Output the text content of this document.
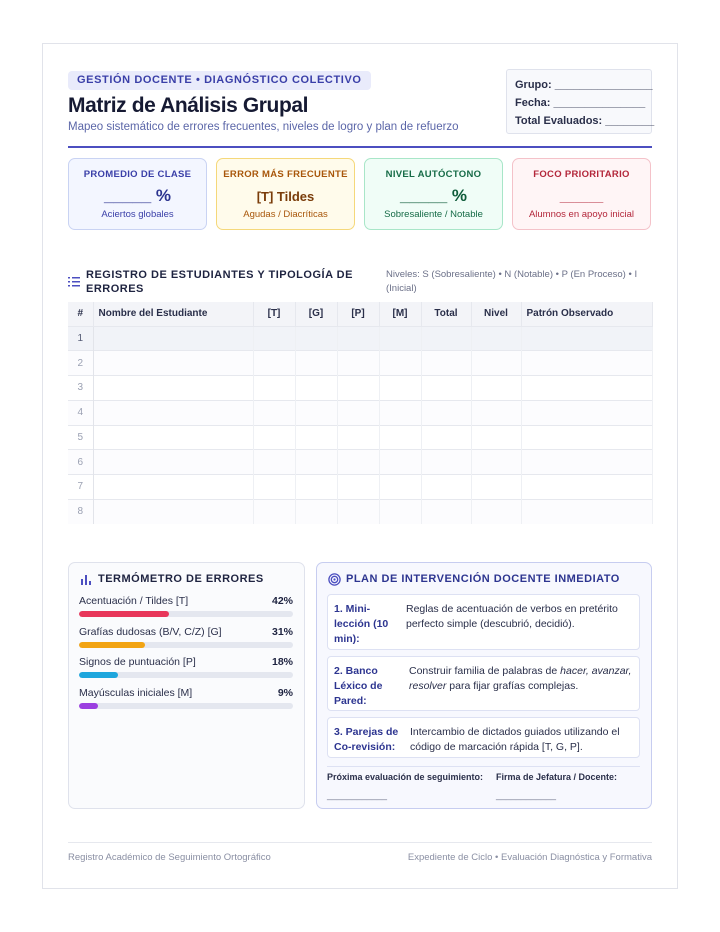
GESTIÓN DOCENTE • DIAGNÓSTICO COLECTIVO
Matriz de Análisis Grupal
Mapeo sistemático de errores frecuentes, niveles de logro y plan de refuerzo
Grupo: ________________
Fecha: _______________
Total Evaluados: ________
PROMEDIO DE CLASE
_____ %
Aciertos globales
ERROR MÁS FRECUENTE
[T] Tildes
Agudas / Diacríticas
NIVEL AUTÓCTONO
_____ %
Sobresaliente / Notable
FOCO PRIORITARIO
______
Alumnos en apoyo inicial
REGISTRO DE ESTUDIANTES Y TIPOLOGÍA DE ERRORES
Niveles: S (Sobresaliente) • N (Notable) • P (En Proceso) • I (Inicial)
#	Nombre del Estudiante	[T]	[G]	[P]	[M]	Total	Nivel	Patrón Observado
1								
2								
3								
4								
5								
6								
7								
8								
TERMÓMETRO DE ERRORES
Acentuación / Tildes [T]	42%
Grafías dudosas (B/V, C/Z) [G]	31%
Signos de puntuación [P]	18%
Mayúsculas iniciales [M]	9%
PLAN DE INTERVENCIÓN DOCENTE INMEDIATO
1. Mini-lección (10 min):
Reglas de acentuación de verbos en pretérito perfecto simple (descubrió, decidió).
2. Banco Léxico de Pared:
Construir familia de palabras de hacer, avanzar, resolver para fijar grafías complejas.
3. Parejas de Co-revisión:
Intercambio de dictados guiados utilizando el código de marcación rápida [T, G, P].
Próxima evaluación de seguimiento:
____________
Firma de Jefatura / Docente:
____________
Registro Académico de Seguimiento Ortográfico	Expediente de Ciclo • Evaluación Diagnóstica y Formativa
